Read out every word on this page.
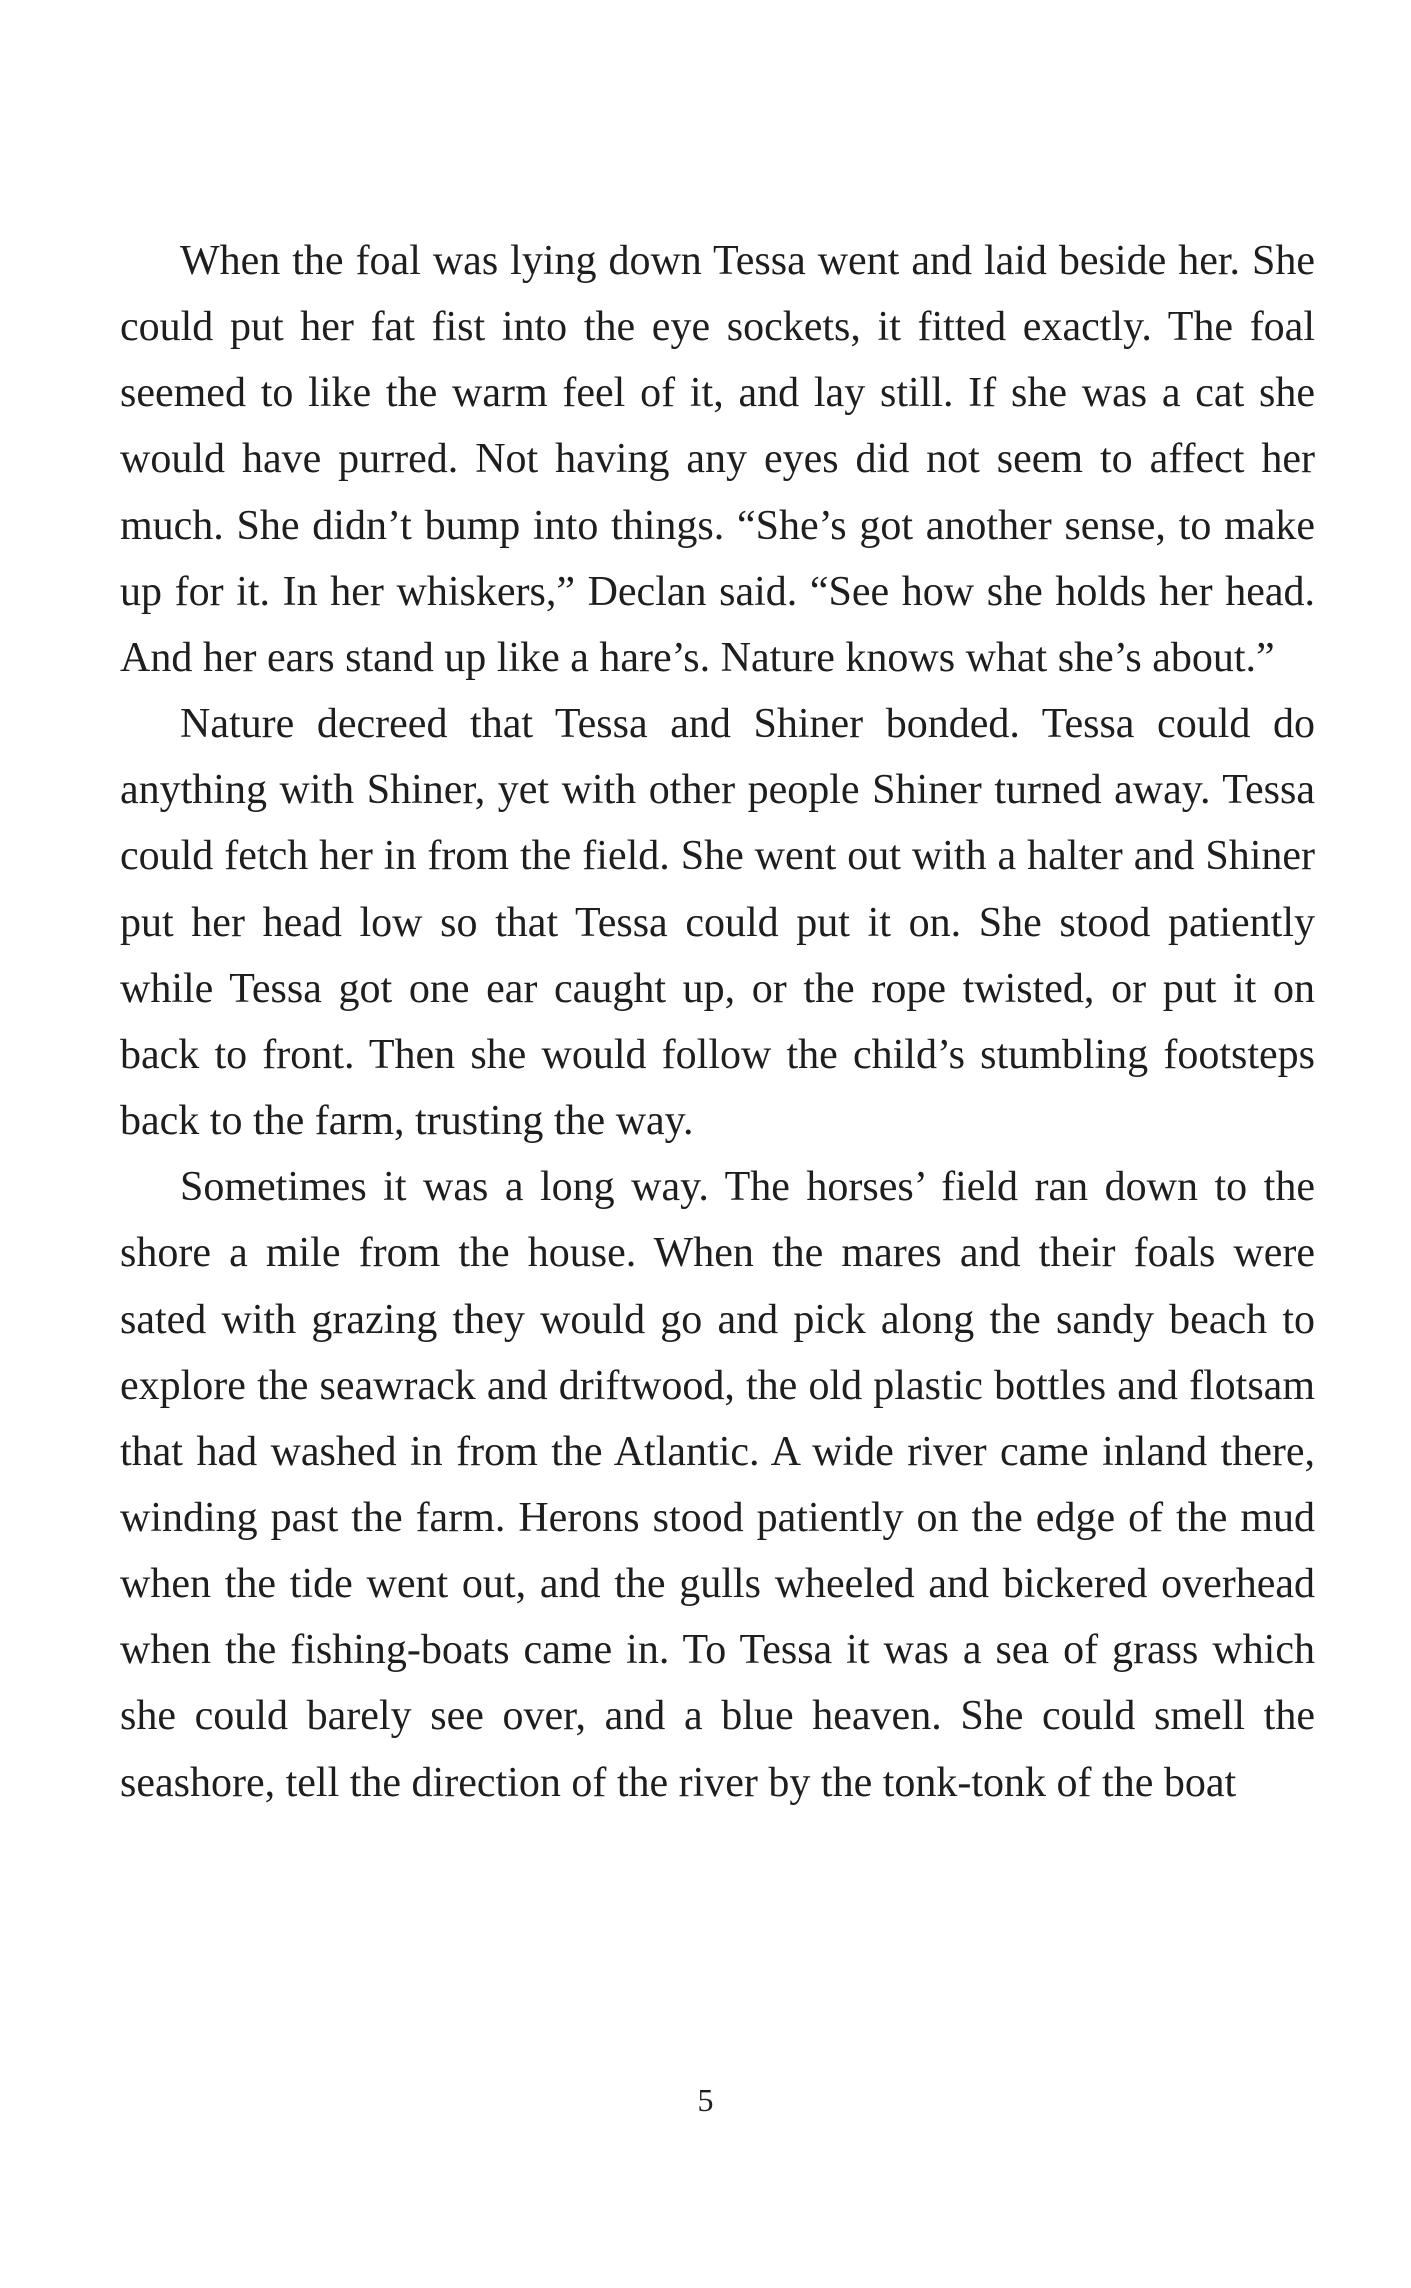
When the foal was lying down Tessa went and laid beside her. She could put her fat fist into the eye sockets, it fitted exactly. The foal seemed to like the warm feel of it, and lay still. If she was a cat she would have purred. Not having any eyes did not seem to affect her much. She didn’t bump into things. “She’s got another sense, to make up for it. In her whiskers,” Declan said. “See how she holds her head. And her ears stand up like a hare’s. Nature knows what she’s about.”

Nature decreed that Tessa and Shiner bonded. Tessa could do anything with Shiner, yet with other people Shiner turned away. Tessa could fetch her in from the field. She went out with a halter and Shiner put her head low so that Tessa could put it on. She stood patiently while Tessa got one ear caught up, or the rope twisted, or put it on back to front. Then she would follow the child’s stumbling footsteps back to the farm, trusting the way.

Sometimes it was a long way. The horses’ field ran down to the shore a mile from the house. When the mares and their foals were sated with grazing they would go and pick along the sandy beach to explore the seawrack and driftwood, the old plastic bottles and flotsam that had washed in from the Atlantic. A wide river came inland there, winding past the farm. Herons stood patiently on the edge of the mud when the tide went out, and the gulls wheeled and bickered overhead when the fishing-boats came in. To Tessa it was a sea of grass which she could barely see over, and a blue heaven. She could smell the seashore, tell the direction of the river by the tonk-tonk of the boat

5
